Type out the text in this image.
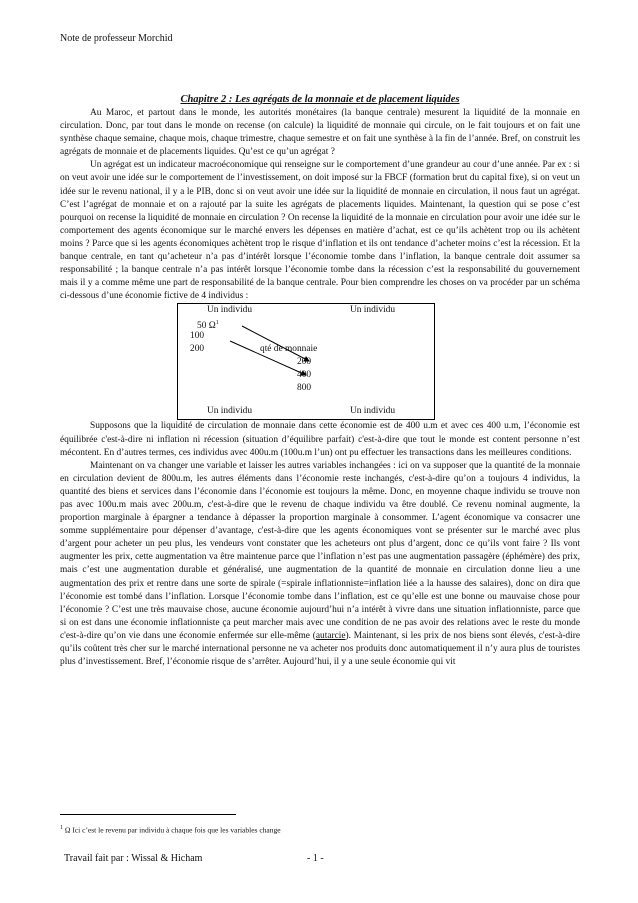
Note de professeur Morchid

Chapitre 2 : Les agrégats de la monnaie et de placement liquides

Au Maroc, et partout dans le monde, les autorités monétaires (la banque centrale) mesurent la liquidité de la monnaie en circulation. Donc, par tout dans le monde on recense (on calcule) la liquidité de monnaie qui circule, on le fait toujours et on fait une synthèse chaque semaine, chaque mois, chaque trimestre, chaque semestre et on fait une synthèse à la fin de l’année. Bref, on construit les agrégats de monnaie et de placements liquides. Qu’est ce qu’un agrégat ?

Un agrégat est un indicateur macroéconomique qui renseigne sur le comportement d’une grandeur au cour d’une année. Par ex : si on veut avoir une idée sur le comportement de l’investissement, on doit imposé sur la FBCF (formation brut du capital fixe), si on veut un idée sur le revenu national, il y a le PIB, donc si on veut avoir une idée sur la liquidité de monnaie en circulation, il nous faut un agrégat. C’est l’agrégat de monnaie et on a rajouté par la suite les agrégats de placements liquides. Maintenant, la question qui se pose c’est pourquoi on recense la liquidité de monnaie en circulation ? On recense la liquidité de la monnaie en circulation pour avoir une idée sur le comportement des agents économique sur le marché envers les dépenses en matière d’achat, est ce qu’ils achètent trop ou ils achètent moins ? Parce que si les agents économiques achètent trop le risque d’inflation et ils ont tendance d’acheter moins c’est la récession. Et la banque centrale, en tant qu’acheteur n’a pas d’intérêt lorsque l’économie tombe dans l’inflation, la banque centrale doit assumer sa responsabilité ; la banque centrale n’a pas intérêt lorsque l’économie tombe dans la récession c’est la responsabilité du gouvernement mais il y a comme même une part de responsabilité de la banque centrale. Pour bien comprendre les choses on va procéder par un schéma ci-dessous d’une économie fictive de 4 individus :

Un individu	Un individu
50 $\Omega^1$
100
200	qté de monnaie
200
400
800
Un individu	Un individu

Supposons que la liquidité de circulation de monnaie dans cette économie est de 400 u.m et avec ces 400 u.m, l’économie est équilibrée c'est-à-dire ni inflation ni récession (situation d’équilibre parfait) c'est-à-dire que tout le monde est content personne n’est mécontent. En d’autres termes, ces individus avec 400u.m (100u.m l’un) ont pu effectuer les transactions dans les meilleures conditions.

Maintenant on va changer une variable et laisser les autres variables inchangées : ici on va supposer que la quantité de la monnaie en circulation devient de 800u.m, les autres éléments dans l’économie reste inchangés, c'est-à-dire qu’on a toujours 4 individus, la quantité des biens et services dans l’économie dans l’économie est toujours la même. Donc, en moyenne chaque individu se trouve non pas avec 100u.m mais avec 200u.m, c'est-à-dire que le revenu de chaque individu va être doublé. Ce revenu nominal augmente, la proportion marginale à épargner a tendance à dépasser la proportion marginale à consommer. L’agent économique va consacrer une somme supplémentaire pour dépenser d’avantage, c'est-à-dire que les agents économiques vont se présenter sur le marché avec plus d’argent pour acheter un peu plus, les vendeurs vont constater que les acheteurs ont plus d’argent, donc ce qu’ils vont faire ? Ils vont augmenter les prix, cette augmentation va être maintenue parce que l’inflation n’est pas une augmentation passagère (éphémère) des prix, mais c’est une augmentation durable et généralisé, une augmentation de la quantité de monnaie en circulation donne lieu a une augmentation des prix et rentre dans une sorte de spirale (=spirale inflationniste=inflation liée a la hausse des salaires), donc on dira que l’économie est tombé dans l’inflation. Lorsque l’économie tombe dans l’inflation, est ce qu’elle est une bonne ou mauvaise chose pour l’économie ? C’est une très mauvaise chose, aucune économie aujourd’hui n’a intérêt à vivre dans une situation inflationniste, parce que si on est dans une économie inflationniste ça peut marcher mais avec une condition de ne pas avoir des relations avec le reste du monde c'est-à-dire qu’on vie dans une économie enfermée sur elle-même (autarcie). Maintenant, si les prix de nos biens sont élevés, c'est-à-dire qu’ils coûtent très cher sur le marché international personne ne va acheter nos produits donc automatiquement il n’y aura plus de touristes plus d’investissement. Bref, l’économie risque de s’arrêter. Aujourd’hui, il y a une seule économie qui vit

$^1$ Ω Ici c’est le revenu par individu à chaque fois que les variables change
Travail fait par : Wissal & Hicham	- 1 -
